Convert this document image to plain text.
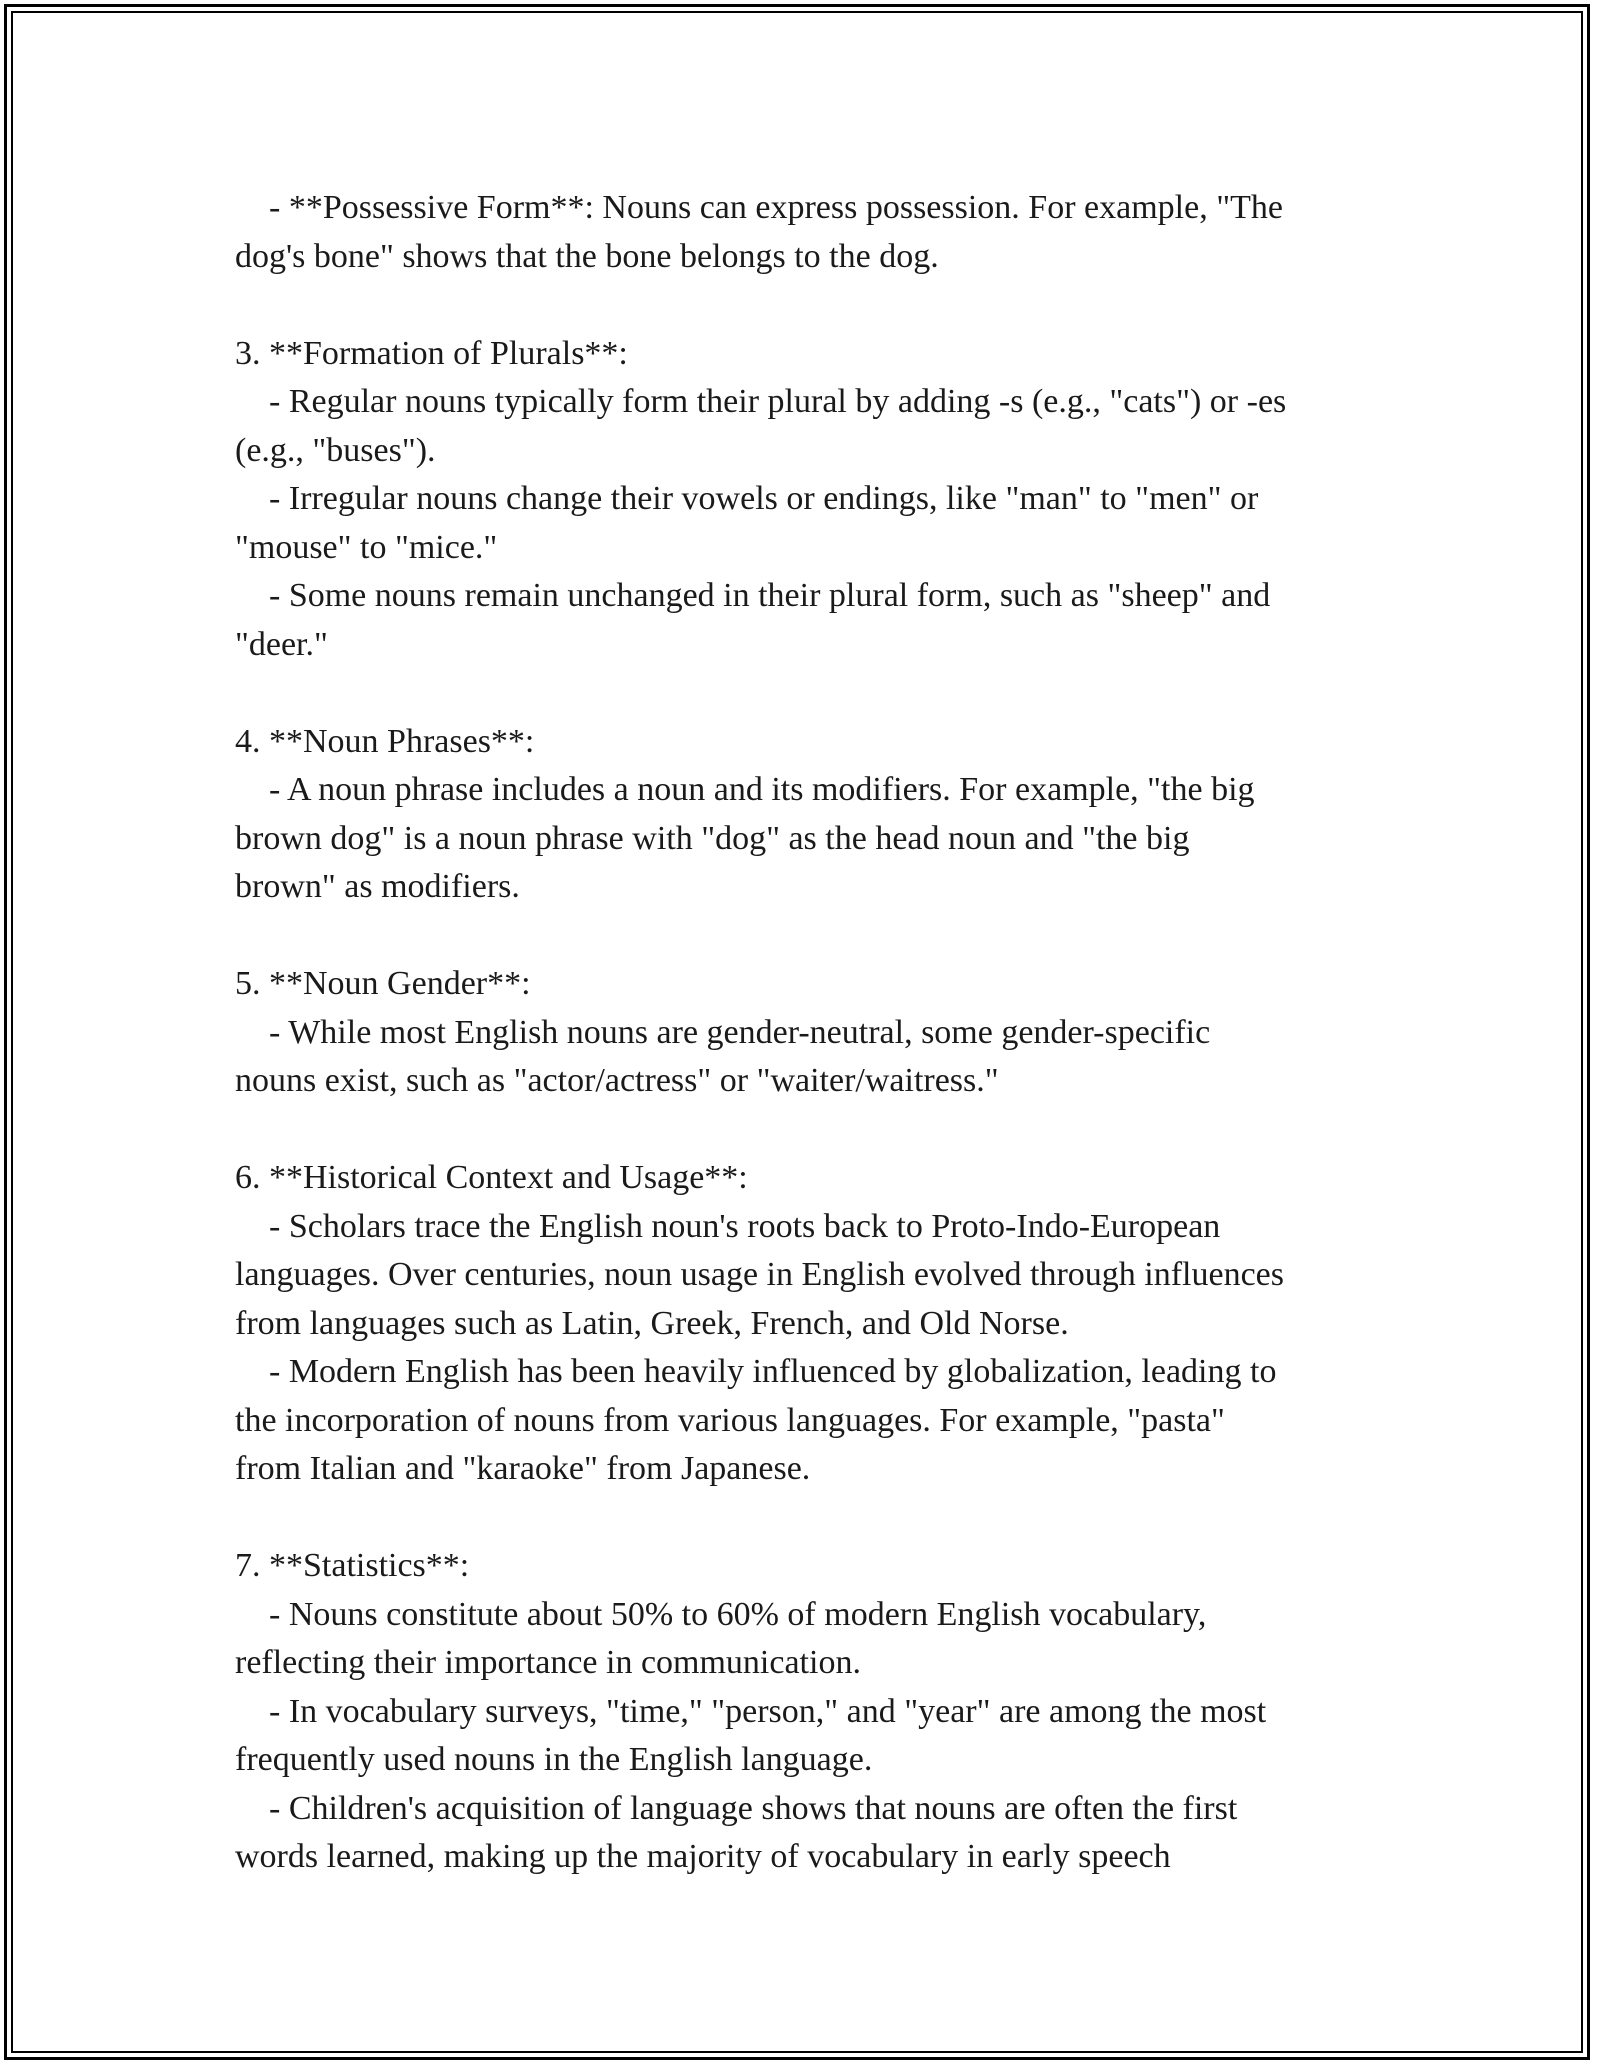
- **Possessive Form**: Nouns can express possession. For example, "The
dog's bone" shows that the bone belongs to the dog.
3. **Formation of Plurals**:
- Regular nouns typically form their plural by adding -s (e.g., "cats") or -es
(e.g., "buses").
- Irregular nouns change their vowels or endings, like "man" to "men" or
"mouse" to "mice."
- Some nouns remain unchanged in their plural form, such as "sheep" and
"deer."
4. **Noun Phrases**:
- A noun phrase includes a noun and its modifiers. For example, "the big
brown dog" is a noun phrase with "dog" as the head noun and "the big
brown" as modifiers.
5. **Noun Gender**:
- While most English nouns are gender-neutral, some gender-specific
nouns exist, such as "actor/actress" or "waiter/waitress."
6. **Historical Context and Usage**:
- Scholars trace the English noun's roots back to Proto-Indo-European
languages. Over centuries, noun usage in English evolved through influences
from languages such as Latin, Greek, French, and Old Norse.
- Modern English has been heavily influenced by globalization, leading to
the incorporation of nouns from various languages. For example, "pasta"
from Italian and "karaoke" from Japanese.
7. **Statistics**:
- Nouns constitute about 50% to 60% of modern English vocabulary,
reflecting their importance in communication.
- In vocabulary surveys, "time," "person," and "year" are among the most
frequently used nouns in the English language.
- Children's acquisition of language shows that nouns are often the first
words learned, making up the majority of vocabulary in early speech
